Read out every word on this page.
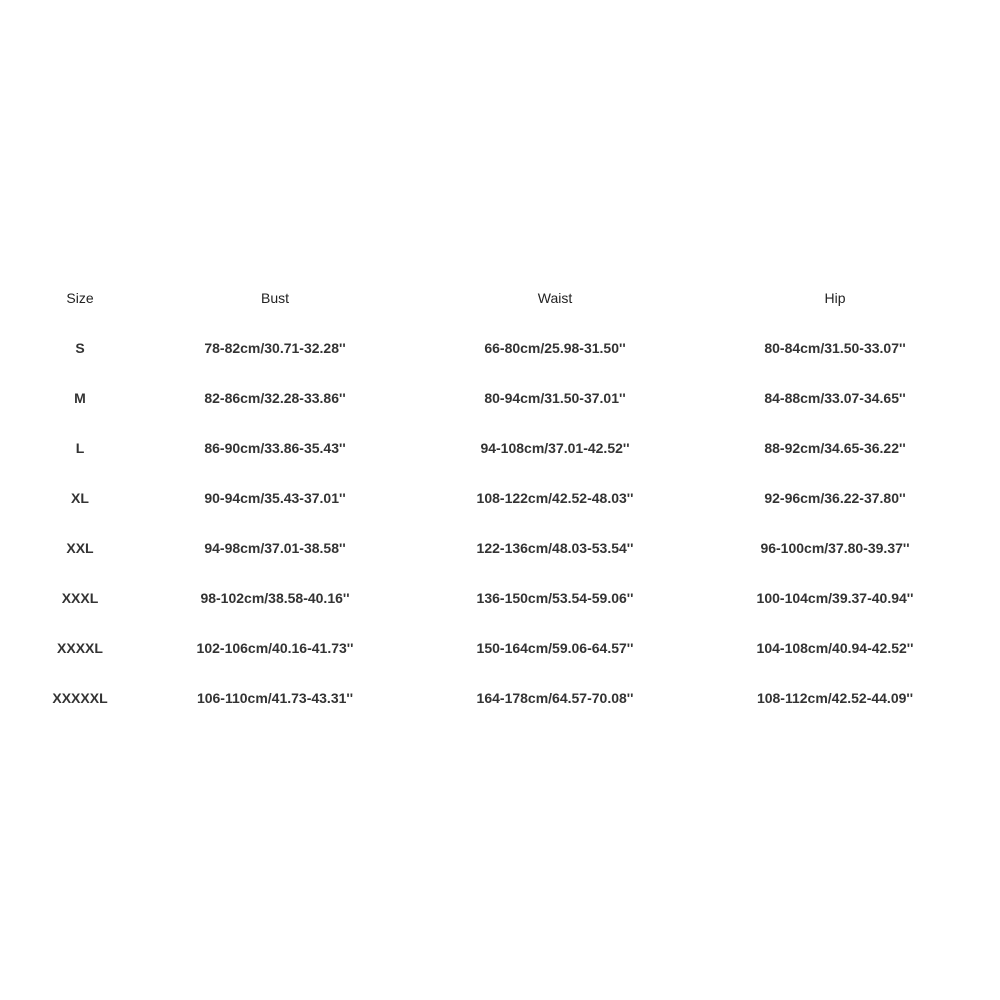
Size	Bust	Waist	Hip
S	78-82cm/30.71-32.28''	66-80cm/25.98-31.50''	80-84cm/31.50-33.07''
M	82-86cm/32.28-33.86''	80-94cm/31.50-37.01''	84-88cm/33.07-34.65''
L	86-90cm/33.86-35.43''	94-108cm/37.01-42.52''	88-92cm/34.65-36.22''
XL	90-94cm/35.43-37.01''	108-122cm/42.52-48.03''	92-96cm/36.22-37.80''
XXL	94-98cm/37.01-38.58''	122-136cm/48.03-53.54''	96-100cm/37.80-39.37''
XXXL	98-102cm/38.58-40.16''	136-150cm/53.54-59.06''	100-104cm/39.37-40.94''
XXXXL	102-106cm/40.16-41.73''	150-164cm/59.06-64.57''	104-108cm/40.94-42.52''
XXXXXL	106-110cm/41.73-43.31''	164-178cm/64.57-70.08''	108-112cm/42.52-44.09''
